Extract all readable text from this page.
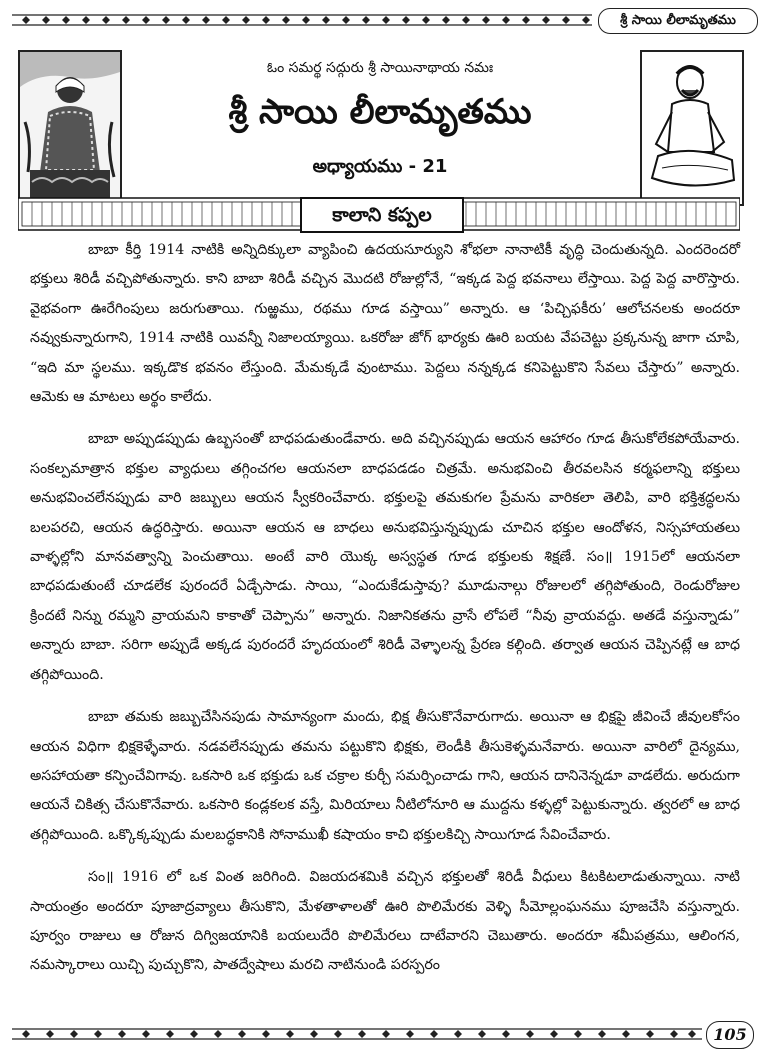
శ్రీ సాయి లీలామృతము
ఓం సమర్థ సద్గురు శ్రీ సాయినాథాయ నమః
శ్రీ సాయి లీలామృతము
అధ్యాయము - 21
కాలాని కప్పల

బాబా కీర్తి 1914 నాటికి అన్నిదిక్కులా వ్యాపించి ఉదయసూర్యుని శోభలా నానాటికీ వృద్ధి చెందుతున్నది. ఎందరెందరో భక్తులు శిరిడీ వచ్చిపోతున్నారు. కాని బాబా శిరిడీ వచ్చిన మొదటి రోజుల్లోనే, “ఇక్కడ పెద్ద భవనాలు లేస్తాయి. పెద్ద పెద్ద వారొస్తారు. వైభవంగా ఊరేగింపులు జరుగుతాయి. గుఱ్ఱము, రథము గూడ వస్తాయి” అన్నారు. ఆ ‘పిచ్చిఫకీరు’ ఆలోచనలకు అందరూ నవ్వుకున్నారుగాని, 1914 నాటికి యివన్నీ నిజాలయ్యాయి. ఒకరోజు జోగ్ భార్యకు ఊరి బయట వేపచెట్టు ప్రక్కనున్న జాగా చూపి, “ఇది మా స్థలము. ఇక్కడొక భవనం లేస్తుంది. మేమక్కడే వుంటాము. పెద్దలు నన్నక్కడ కనిపెట్టుకొని సేవలు చేస్తారు” అన్నారు. ఆమెకు ఆ మాటలు అర్థం కాలేదు.

బాబా అప్పుడప్పుడు ఉబ్బసంతో బాధపడుతుండేవారు. అది వచ్చినప్పుడు ఆయన ఆహారం గూడ తీసుకోలేకపోయేవారు. సంకల్పమాత్రాన భక్తుల వ్యాధులు తగ్గించగల ఆయనలా బాధపడడం చిత్రమే. అనుభవించి తీరవలసిన కర్మఫలాన్ని భక్తులు అనుభవించలేనప్పుడు వారి జబ్బులు ఆయన స్వీకరించేవారు. భక్తులపై తమకుగల ప్రేమను వారికలా తెలిపి, వారి భక్తిశ్రద్ధలను బలపరచి, ఆయన ఉద్ధరిస్తారు. అయినా ఆయన ఆ బాధలు అనుభవిస్తున్నప్పుడు చూచిన భక్తుల ఆందోళన, నిస్సహాయతలు వాళ్ళల్లోని మానవత్వాన్ని పెంచుతాయి. అంటే వారి యొక్క అస్వస్థత గూడ భక్తులకు శిక్షణే. సం॥ 1915లో ఆయనలా బాధపడుతుంటే చూడలేక పురందరే ఏడ్చేసాడు. సాయి, “ఎందుకేడుస్తావు? మూడునాల్గు రోజులలో తగ్గిపోతుంది, రెండురోజుల క్రిందటే నిన్ను రమ్మని వ్రాయమని కాకాతో చెప్పాను” అన్నారు. నిజానికతను వ్రాసే లోపలే “నీవు వ్రాయవద్దు. అతడే వస్తున్నాడు” అన్నారు బాబా. సరిగా అప్పుడే అక్కడ పురందరే హృదయంలో శిరిడీ వెళ్ళాలన్న ప్రేరణ కల్గింది. తర్వాత ఆయన చెప్పినట్లే ఆ బాధ తగ్గిపోయింది.

బాబా తమకు జబ్బుచేసినపుడు సామాన్యంగా మందు, భిక్ష తీసుకొనేవారుగాదు. అయినా ఆ భిక్షపై జీవించే జీవులకోసం ఆయన విధిగా భిక్షకెళ్ళేవారు. నడవలేనప్పుడు తమను పట్టుకొని భిక్షకు, లెండీకి తీసుకెళ్ళమనేవారు. అయినా వారిలో దైన్యము, అసహాయతా కన్పించేవిగావు. ఒకసారి ఒక భక్తుడు ఒక చక్రాల కుర్చీ సమర్పించాడు గాని, ఆయన దానినెన్నడూ వాడలేదు. అరుదుగా ఆయనే చికిత్స చేసుకొనేవారు. ఒకసారి కండ్లకలక వస్తే, మిరియాలు నీటిలోనూరి ఆ ముద్దను కళ్ళల్లో పెట్టుకున్నారు. త్వరలో ఆ బాధ తగ్గిపోయింది. ఒక్కొక్కప్పుడు మలబద్ధకానికి సోనాముఖీ కషాయం కాచి భక్తులకిచ్చి సాయిగూడ సేవించేవారు.

సం॥ 1916 లో ఒక వింత జరిగింది. విజయదశమికి వచ్చిన భక్తులతో శిరిడీ వీధులు కిటకిటలాడుతున్నాయి. నాటి సాయంత్రం అందరూ పూజాద్రవ్యాలు తీసుకొని, మేళతాళాలతో ఊరి పొలిమేరకు వెళ్ళి సీమోల్లంఘనము పూజచేసి వస్తున్నారు. పూర్వం రాజులు ఆ రోజున దిగ్విజయానికి బయలుదేరి పొలిమేరలు దాటేవారని చెబుతారు. అందరూ శమీపత్రము, ఆలింగన, నమస్కారాలు యిచ్చి పుచ్చుకొని, పాతద్వేషాలు మరచి నాటినుండి పరస్పరం

105
